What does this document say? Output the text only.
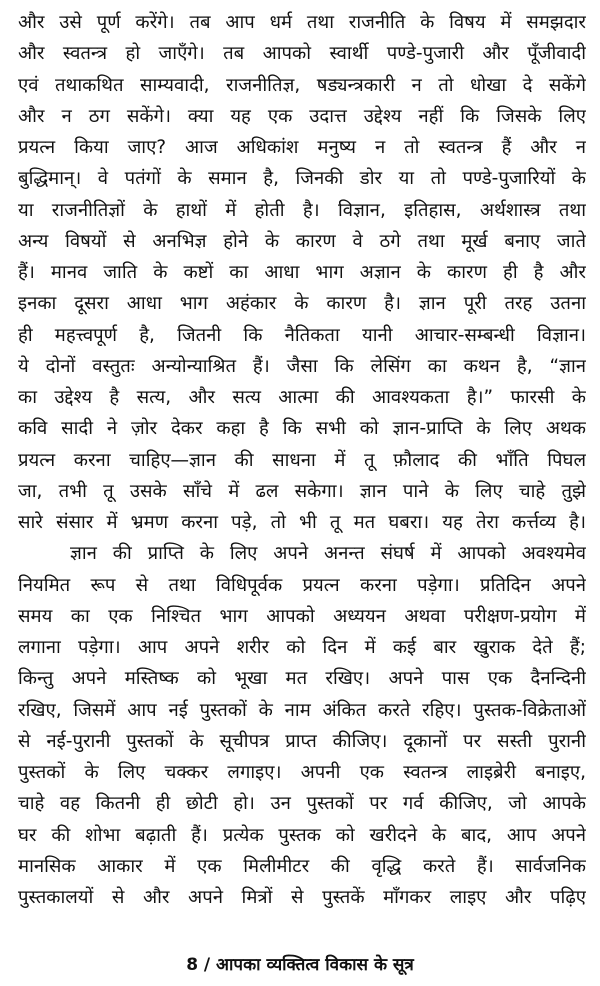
और उसे पूर्ण करेंगे। तब आप धर्म तथा राजनीति के विषय में समझदार
और स्वतन्त्र हो जाएँगे। तब आपको स्वार्थी पण्डे-पुजारी और पूँजीवादी
एवं तथाकथित साम्यवादी, राजनीतिज्ञ, षड्यन्त्रकारी न तो धोखा दे सकेंगे
और न ठग सकेंगे। क्या यह एक उदात्त उद्देश्य नहीं कि जिसके लिए
प्रयत्न किया जाए? आज अधिकांश मनुष्य न तो स्वतन्त्र हैं और न
बुद्धिमान्। वे पतंगों के समान है, जिनकी डोर या तो पण्डे-पुजारियों के
या राजनीतिज्ञों के हाथों में होती है। विज्ञान, इतिहास, अर्थशास्त्र तथा
अन्य विषयों से अनभिज्ञ होने के कारण वे ठगे तथा मूर्ख बनाए जाते
हैं। मानव जाति के कष्टों का आधा भाग अज्ञान के कारण ही है और
इनका दूसरा आधा भाग अहंकार के कारण है। ज्ञान पूरी तरह उतना
ही महत्त्वपूर्ण है, जितनी कि नैतिकता यानी आचार-सम्बन्धी विज्ञान।
ये दोनों वस्तुतः अन्योन्याश्रित हैं। जैसा कि लेसिंग का कथन है, “ज्ञान
का उद्देश्य है सत्य, और सत्य आत्मा की आवश्यकता है।” फारसी के
कवि सादी ने ज़ोर देकर कहा है कि सभी को ज्ञान-प्राप्ति के लिए अथक
प्रयत्न करना चाहिए—ज्ञान की साधना में तू फ़ौलाद की भाँति पिघल
जा, तभी तू उसके साँचे में ढल सकेगा। ज्ञान पाने के लिए चाहे तुझे
सारे संसार में भ्रमण करना पड़े, तो भी तू मत घबरा। यह तेरा कर्त्तव्य है।
ज्ञान की प्राप्ति के लिए अपने अनन्त संघर्ष में आपको अवश्यमेव
नियमित रूप से तथा विधिपूर्वक प्रयत्न करना पड़ेगा। प्रतिदिन अपने
समय का एक निश्चित भाग आपको अध्ययन अथवा परीक्षण-प्रयोग में
लगाना पड़ेगा। आप अपने शरीर को दिन में कई बार खुराक देते हैं;
किन्तु अपने मस्तिष्क को भूखा मत रखिए। अपने पास एक दैनन्दिनी
रखिए, जिसमें आप नई पुस्तकों के नाम अंकित करते रहिए। पुस्तक-विक्रेताओं
से नई-पुरानी पुस्तकों के सूचीपत्र प्राप्त कीजिए। दूकानों पर सस्ती पुरानी
पुस्तकों के लिए चक्कर लगाइए। अपनी एक स्वतन्त्र लाइब्रेरी बनाइए,
चाहे वह कितनी ही छोटी हो। उन पुस्तकों पर गर्व कीजिए, जो आपके
घर की शोभा बढ़ाती हैं। प्रत्येक पुस्तक को खरीदने के बाद, आप अपने
मानसिक आकार में एक मिलीमीटर की वृद्धि करते हैं। सार्वजनिक
पुस्तकालयों से और अपने मित्रों से पुस्तकें माँगकर लाइए और पढ़िए
8 / आपका व्यक्तित्व विकास के सूत्र
